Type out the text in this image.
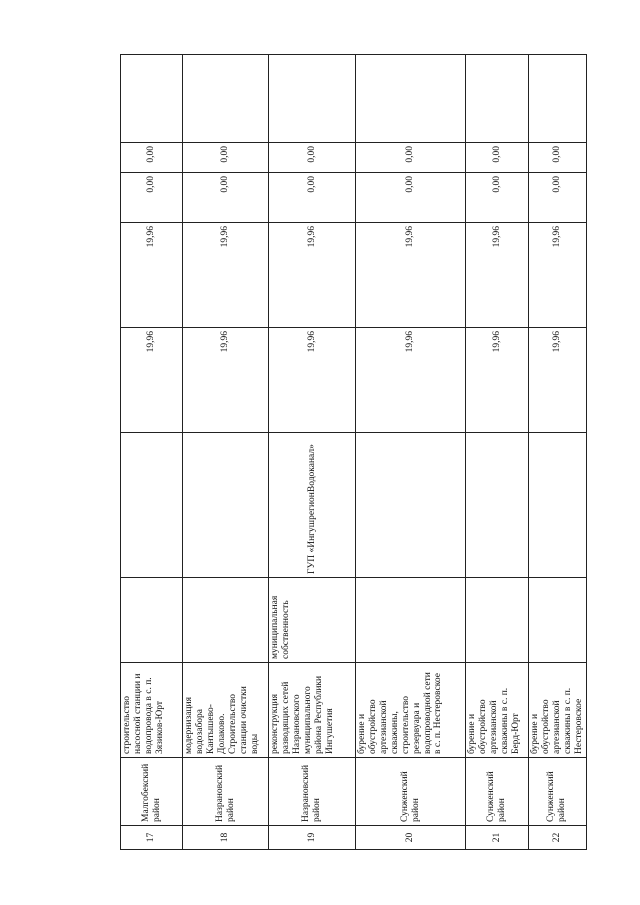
17	Малгобекский район	строительство насосной станции и водопровода в с. п. Зязиков-Юрт			19,96	19,96	0,00	0,00	
18	Назрановский район	модернизация водозабора Кантышево-Долаково. Строительство станции очистки воды			19,96	19,96	0,00	0,00	
19	Назрановский район	реконструкция разводящих сетей Назрановского муниципального района Республики Ингушетия	муниципальная собственность	ГУП «ИнгушрегионВодоканал»	19,96	19,96	0,00	0,00	
20	Сунженский район	бурение и обустройство артезианской скважины, строительство резервуара и водопроводной сети в с. п. Нестеровское			19,96	19,96	0,00	0,00	
21	Сунженский район	бурение и обустройство артезианской скважины в с. п. Берд-Юрт			19,96	19,96	0,00	0,00	
22	Сунженский район	бурение и обустройство артезианской скважины в с. п. Нестеровское			19,96	19,96	0,00	0,00	
